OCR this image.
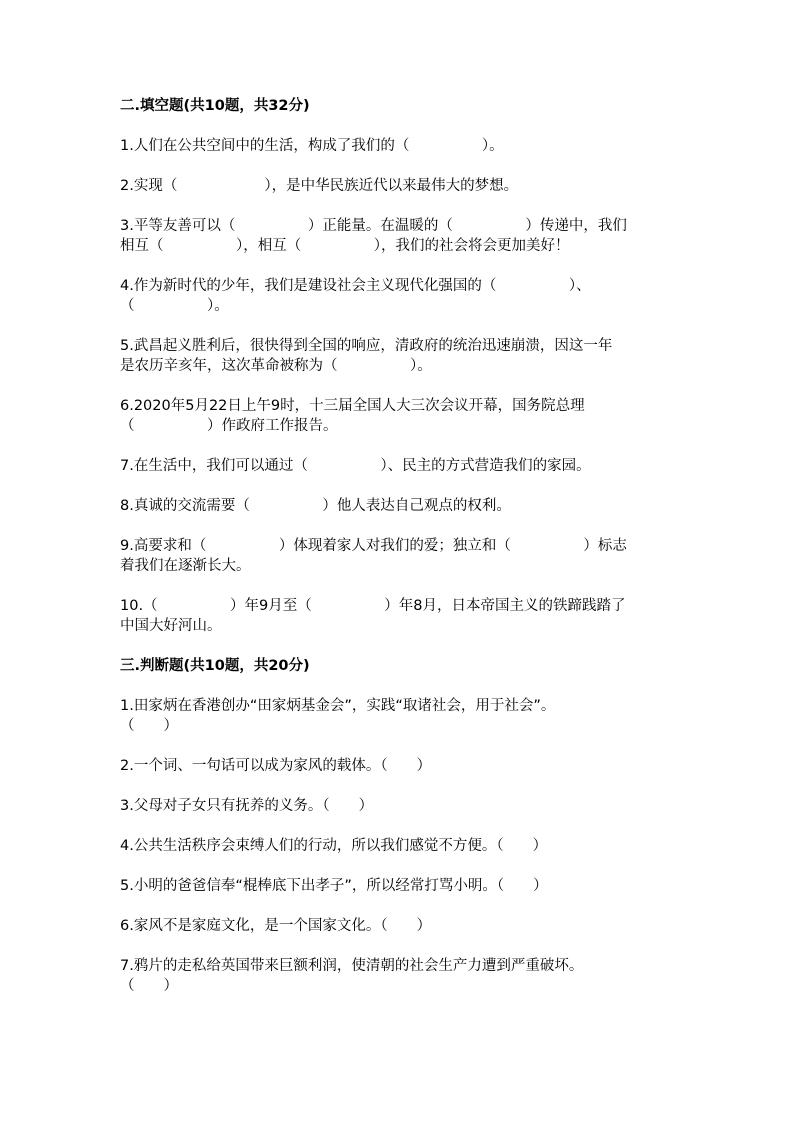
二.填空题(共10题，共32分)
1.人们在公共空间中的生活，构成了我们的（　　　　　）。
2.实现（　　　　　　），是中华民族近代以来最伟大的梦想。
3.平等友善可以（　　　　　）正能量。在温暖的（　　　　　）传递中，我们
相互（　　　　　），相互（　　　　　），我们的社会将会更加美好！
4.作为新时代的少年，我们是建设社会主义现代化强国的（　　　　　）、
（　　　　　）。
5.武昌起义胜利后，很快得到全国的响应，清政府的统治迅速崩溃，因这一年
是农历辛亥年，这次革命被称为（　　　　　）。
6.2020年5月22日上午9时，十三届全国人大三次会议开幕，国务院总理
（　　　　　）作政府工作报告。
7.在生活中，我们可以通过（　　　　　）、民主的方式营造我们的家园。
8.真诚的交流需要（　　　　　）他人表达自己观点的权利。
9.高要求和（　　　　　）体现着家人对我们的爱；独立和（　　　　　）标志
着我们在逐渐长大。
10.（　　　　　）年9月至（　　　　　）年8月，日本帝国主义的铁蹄践踏了
中国大好河山。
三.判断题(共10题，共20分)
1.田家炳在香港创办“田家炳基金会”，实践“取诸社会，用于社会”。
（　　）
2.一个词、一句话可以成为家风的载体。（　　）
3.父母对子女只有抚养的义务。（　　）
4.公共生活秩序会束缚人们的行动，所以我们感觉不方便。（　　）
5.小明的爸爸信奉“棍棒底下出孝子”，所以经常打骂小明。（　　）
6.家风不是家庭文化，是一个国家文化。（　　）
7.鸦片的走私给英国带来巨额利润，使清朝的社会生产力遭到严重破坏。
（　　）
